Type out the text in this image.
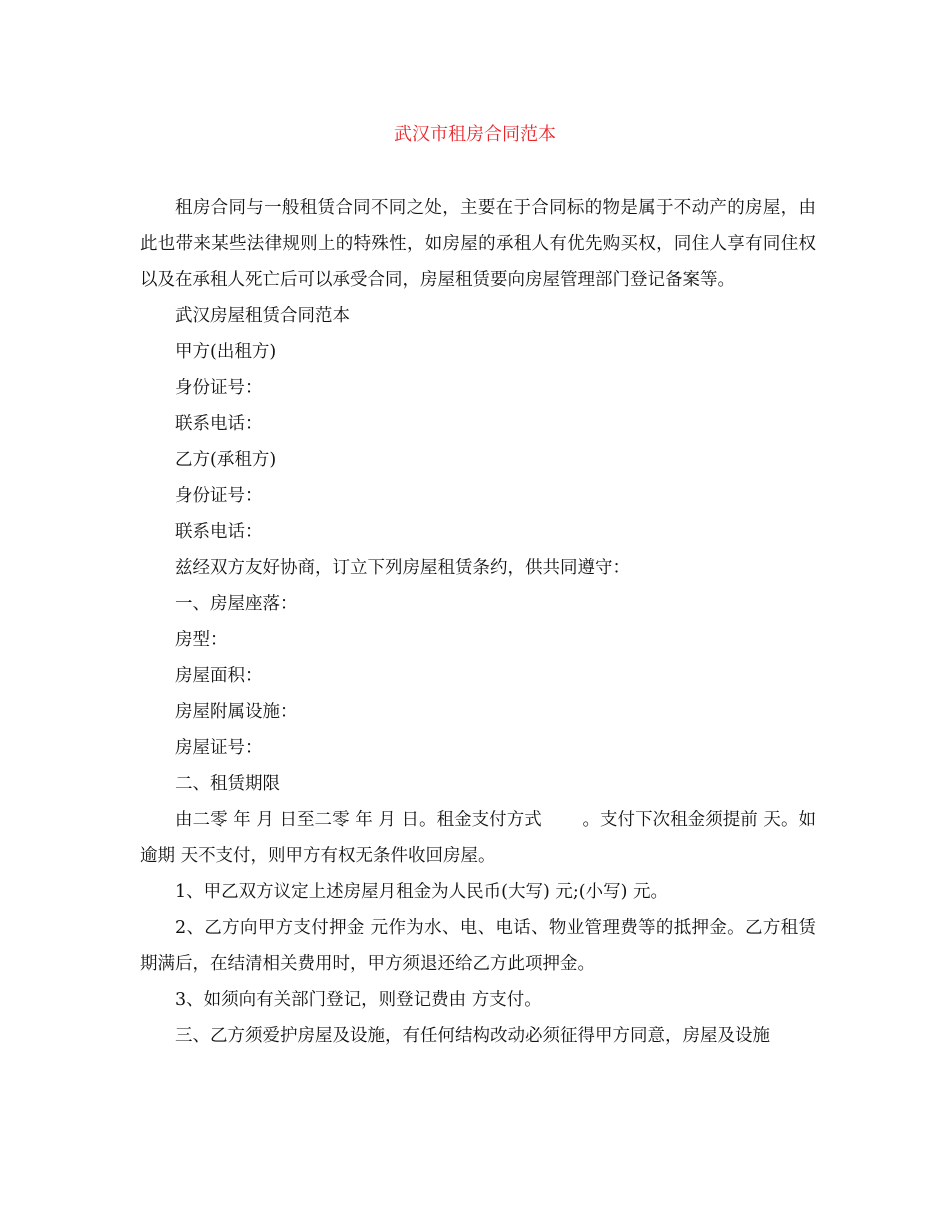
武汉市租房合同范本

租房合同与一般租赁合同不同之处，主要在于合同标的物是属于不动产的房屋，由此也带来某些法律规则上的特殊性，如房屋的承租人有优先购买权，同住人享有同住权以及在承租人死亡后可以承受合同，房屋租赁要向房屋管理部门登记备案等。

武汉房屋租赁合同范本

甲方(出租方)

身份证号：

联系电话：

乙方(承租方)

身份证号：

联系电话：

兹经双方友好协商，订立下列房屋租赁条约，供共同遵守：

一、房屋座落：

房型：

房屋面积：

房屋附属设施：

房屋证号：

二、租赁期限

由二零 年 月 日至二零 年 月 日。租金支付方式 　　。支付下次租金须提前 天。如逾期 天不支付，则甲方有权无条件收回房屋。

1、甲乙双方议定上述房屋月租金为人民币(大写) 元;(小写) 元。

2、乙方向甲方支付押金 元作为水、电、电话、物业管理费等的抵押金。乙方租赁期满后，在结清相关费用时，甲方须退还给乙方此项押金。

3、如须向有关部门登记，则登记费由 方支付。

三、乙方须爱护房屋及设施，有任何结构改动必须征得甲方同意，房屋及设施
